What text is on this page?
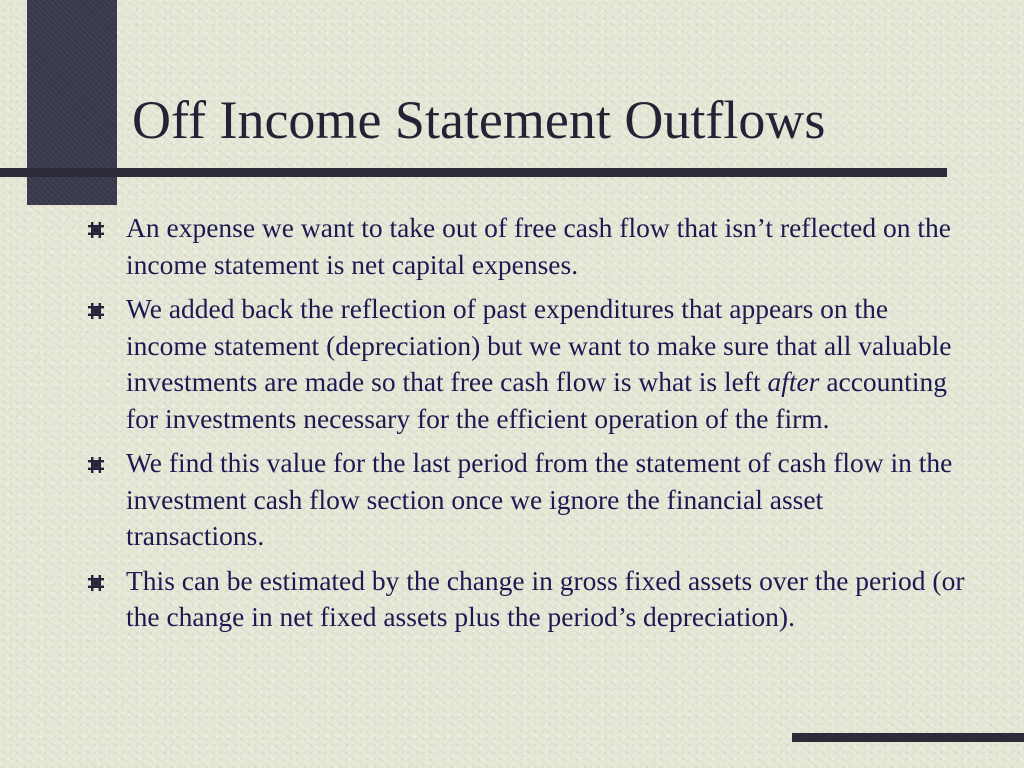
Off Income Statement Outflows
An expense we want to take out of free cash flow that isn’t reflected on the income statement is net capital expenses.
We added back the reflection of past expenditures that appears on the income statement (depreciation) but we want to make sure that all valuable investments are made so that free cash flow is what is left after accounting for investments necessary for the efficient operation of the firm.
We find this value for the last period from the statement of cash flow in the investment cash flow section once we ignore the financial asset transactions.
This can be estimated by the change in gross fixed assets over the period (or the change in net fixed assets plus the period’s depreciation).
